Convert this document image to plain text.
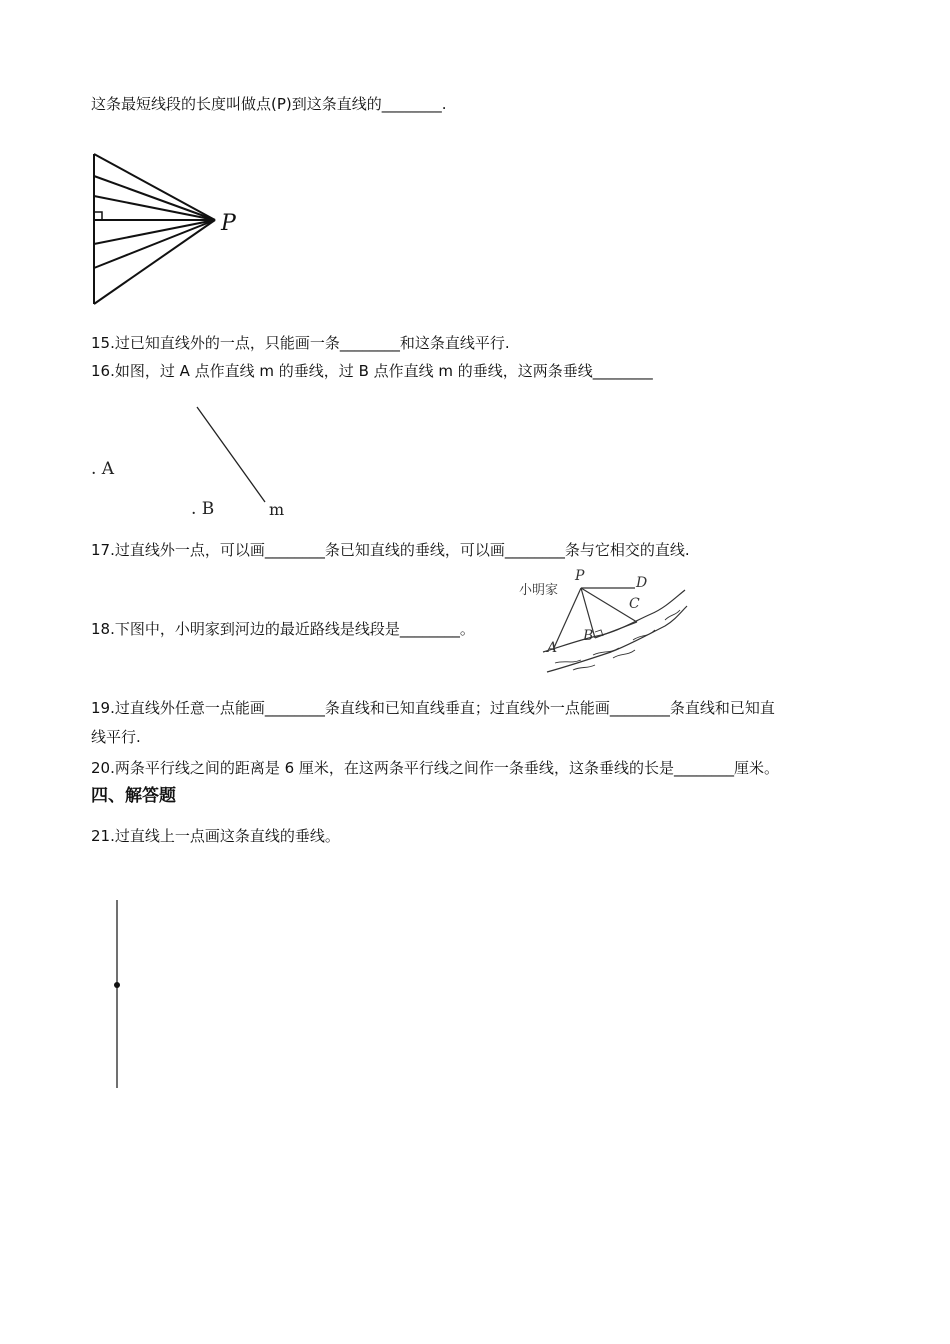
这条最短线段的长度叫做点(P)到这条直线的________.
P
15.过已知直线外的一点，只能画一条________和这条直线平行.
16.如图，过 A 点作直线 m 的垂线，过 B 点作直线 m 的垂线，这两条垂线________
. A
. B	m
17.过直线外一点，可以画________条已知直线的垂线，可以画________条与它相交的直线.
小明家
P	D
C
B
A
18.下图中，小明家到河边的最近路线是线段是________。
19.过直线外任意一点能画________条直线和已知直线垂直；过直线外一点能画________条直线和已知直
线平行.
20.两条平行线之间的距离是 6 厘米，在这两条平行线之间作一条垂线，这条垂线的长是________厘米。
四、解答题
21.过直线上一点画这条直线的垂线。
